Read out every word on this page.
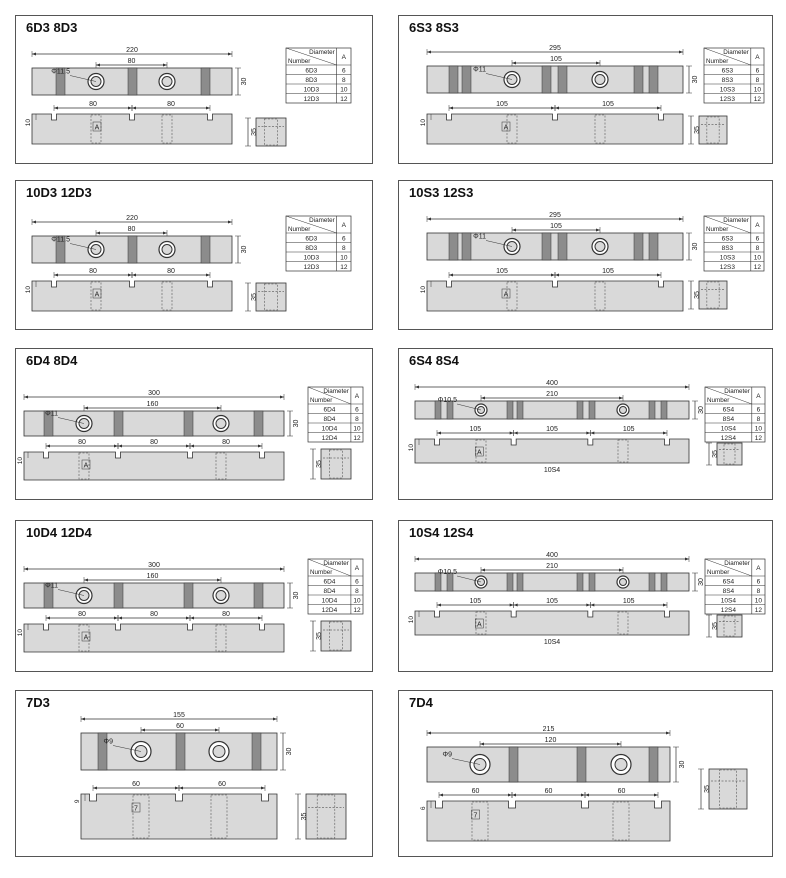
6D3 8D3
220
80
Φ11.5
30
80	80
10
A
35
Diameter
Number
A
6D3	6
8D3	8
10D3	10
12D3	12
6S3 8S3
295
105
Φ11
30
105	105
10
A	35
Diameter
Number
A
6S3	6
8S3	8
10S3	10
12S3	12
10D3 12D3
220
80
Φ11.5
30
80	80
10
A	35
Diameter
Number
A
6D3	6
8D3	8
10D3	10
12D3	12
10S3 12S3
295
105
Φ11
30
105	105
10
A	35
Diameter
Number
A
6S3	6
8S3	8
10S3	10
12S3	12
6D4 8D4
300
160
Φ11
30
80	80	80
10
A	35
Diameter
Number
A
6D4	6
8D4	8
10D4 10
12D4 12
6S4 8S4
400
210
Φ10.5
30
105	105	105
10
A
10S4
35
Diameter
Number
A
6S4	6
8S4	8
10S4	10
12S4	12
10D4 12D4
300
160
Φ11
30
80	80	80
10
A	35
Diameter
Number
A
6D4	6
8D4	8
10D4 10
12D4 12
10S4 12S4
400
210
Φ10.5
30
105	105	105
10
A
10S4
35
Diameter
Number
A
6S4	6
8S4	8
10S4	10
12S4	12
7D3
155
60
Φ9
30
60	60
9
7
35
7D4
215
120
Φ9
30
60	60	60
6
7
35
